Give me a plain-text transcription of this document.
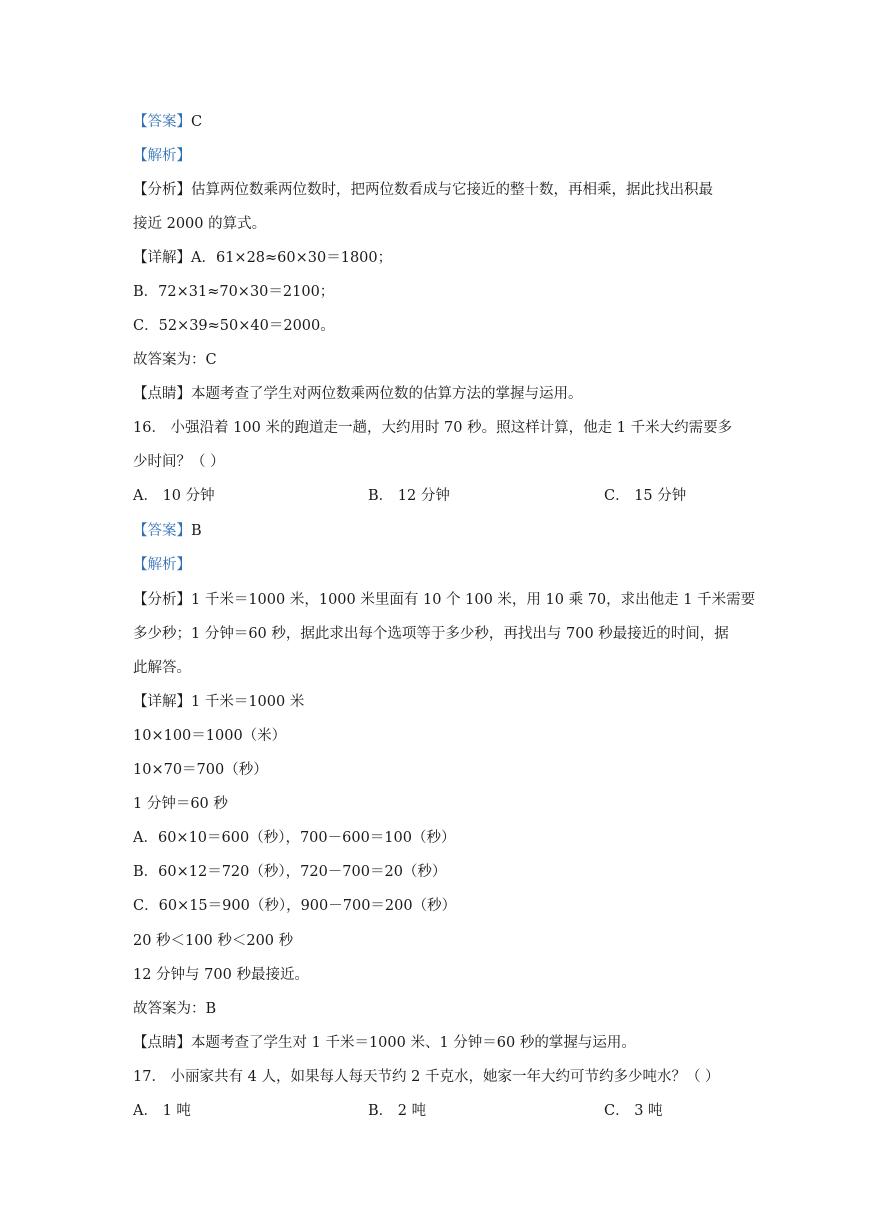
【答案】C
【解析】
【分析】估算两位数乘两位数时，把两位数看成与它接近的整十数，再相乘，据此找出积最
接近 2000 的算式。
【详解】A．61×28≈60×30＝1800；
B．72×31≈70×30＝2100；
C．52×39≈50×40＝2000。
故答案为：C
【点睛】本题考查了学生对两位数乘两位数的估算方法的掌握与运用。
16． 小强沿着 100 米的跑道走一趟，大约用时 70 秒。照这样计算，他走 1 千米大约需要多
少时间？（ ）
A． 10 分钟	B． 12 分钟	C． 15 分钟
【答案】B
【解析】
【分析】1 千米＝1000 米，1000 米里面有 10 个 100 米，用 10 乘 70，求出他走 1 千米需要
多少秒；1 分钟＝60 秒，据此求出每个选项等于多少秒，再找出与 700 秒最接近的时间，据
此解答。
【详解】1 千米＝1000 米
10×100＝1000（米）
10×70＝700（秒）
1 分钟＝60 秒
A．60×10＝600（秒），700－600＝100（秒）
B．60×12＝720（秒），720－700＝20（秒）
C．60×15＝900（秒），900－700＝200（秒）
20 秒＜100 秒＜200 秒
12 分钟与 700 秒最接近。
故答案为：B
【点睛】本题考查了学生对 1 千米＝1000 米、1 分钟＝60 秒的掌握与运用。
17． 小丽家共有 4 人，如果每人每天节约 2 千克水，她家一年大约可节约多少吨水？（ ）
A． 1 吨	B． 2 吨	C． 3 吨
